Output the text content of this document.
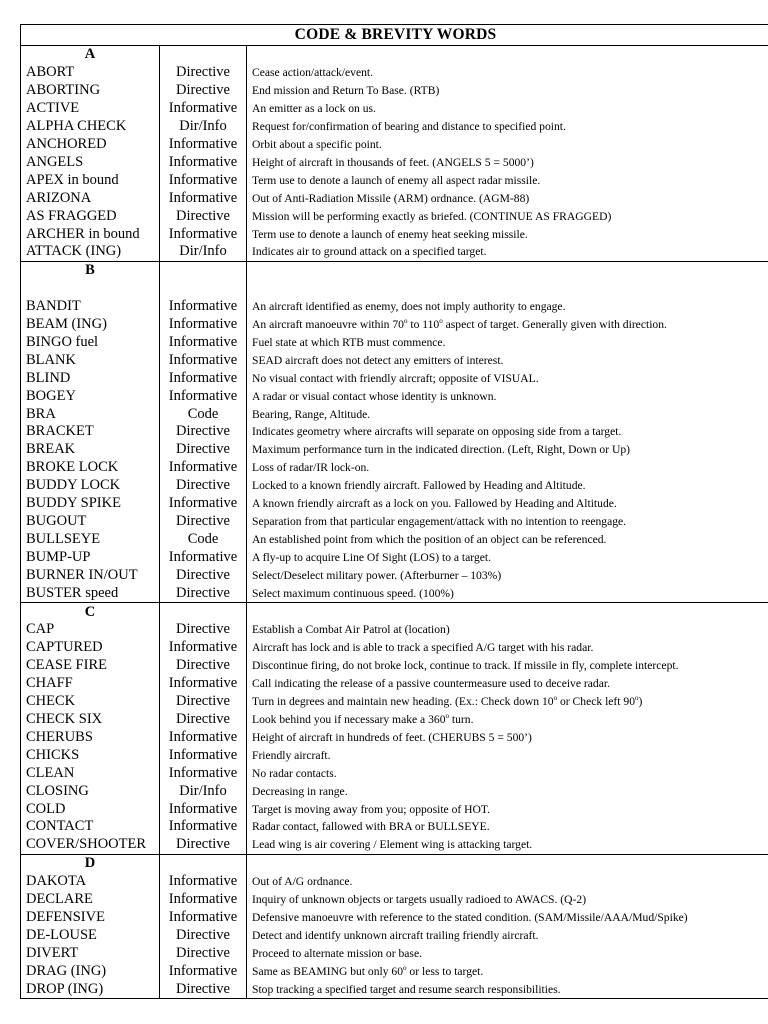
CODE & BREVITY WORDS		
A		
ABORT	Directive	Cease action/attack/event.
ABORTING	Directive	End mission and Return To Base. (RTB)
ACTIVE	Informative	An emitter as a lock on us.
ALPHA CHECK	Dir/Info	Request for/confirmation of bearing and distance to specified point.
ANCHORED	Informative	Orbit about a specific point.
ANGELS	Informative	Height of aircraft in thousands of feet. (ANGELS 5 = 5000’)
APEX in bound	Informative	Term use to denote a launch of enemy all aspect radar missile.
ARIZONA	Informative	Out of Anti-Radiation Missile (ARM) ordnance. (AGM-88)
AS FRAGGED	Directive	Mission will be performing exactly as briefed. (CONTINUE AS FRAGGED)
ARCHER in bound	Informative	Term use to denote a launch of enemy heat seeking missile.
ATTACK (ING)	Dir/Info	Indicates air to ground attack on a specified target.
B		

BANDIT	Informative	An aircraft identified as enemy, does not imply authority to engage.
BEAM (ING)	Informative	An aircraft manoeuvre within 70$^o$ to 110$^o$ aspect of target. Generally given with direction.
BINGO fuel	Informative	Fuel state at which RTB must commence.
BLANK	Informative	SEAD aircraft does not detect any emitters of interest.
BLIND	Informative	No visual contact with friendly aircraft; opposite of VISUAL.
BOGEY	Informative	A radar or visual contact whose identity is unknown.
BRA	Code	Bearing, Range, Altitude.
BRACKET	Directive	Indicates geometry where aircrafts will separate on opposing side from a target.
BREAK	Directive	Maximum performance turn in the indicated direction. (Left, Right, Down or Up)
BROKE LOCK	Informative	Loss of radar/IR lock-on.
BUDDY LOCK	Directive	Locked to a known friendly aircraft. Fallowed by Heading and Altitude.
BUDDY SPIKE	Informative	A known friendly aircraft as a lock on you. Fallowed by Heading and Altitude.
BUGOUT	Directive	Separation from that particular engagement/attack with no intention to reengage.
BULLSEYE	Code	An established point from which the position of an object can be referenced.
BUMP-UP	Informative	A fly-up to acquire Line Of Sight (LOS) to a target.
BURNER IN/OUT	Directive	Select/Deselect military power. (Afterburner – 103%)
BUSTER speed	Directive	Select maximum continuous speed. (100%)
C		
CAP	Directive	Establish a Combat Air Patrol at (location)
CAPTURED	Informative	Aircraft has lock and is able to track a specified A/G target with his radar.
CEASE FIRE	Directive	Discontinue firing, do not broke lock, continue to track. If missile in fly, complete intercept.
CHAFF	Informative	Call indicating the release of a passive countermeasure used to deceive radar.
CHECK	Directive	Turn in degrees and maintain new heading. (Ex.: Check down 10$^o$ or Check left 90$^o$)
CHECK SIX	Directive	Look behind you if necessary make a 360$^o$ turn.
CHERUBS	Informative	Height of aircraft in hundreds of feet. (CHERUBS 5 = 500’)
CHICKS	Informative	Friendly aircraft.
CLEAN	Informative	No radar contacts.
CLOSING	Dir/Info	Decreasing in range.
COLD	Informative	Target is moving away from you; opposite of HOT.
CONTACT	Informative	Radar contact, fallowed with BRA or BULLSEYE.
COVER/SHOOTER	Directive	Lead wing is air covering / Element wing is attacking target.
D		
DAKOTA	Informative	Out of A/G ordnance.
DECLARE	Informative	Inquiry of unknown objects or targets usually radioed to AWACS. (Q-2)
DEFENSIVE	Informative	Defensive manoeuvre with reference to the stated condition. (SAM/Missile/AAA/Mud/Spike)
DE-LOUSE	Directive	Detect and identify unknown aircraft trailing friendly aircraft.
DIVERT	Directive	Proceed to alternate mission or base.
DRAG (ING)	Informative	Same as BEAMING but only 60$^o$ or less to target.
DROP (ING)	Directive	Stop tracking a specified target and resume search responsibilities.
